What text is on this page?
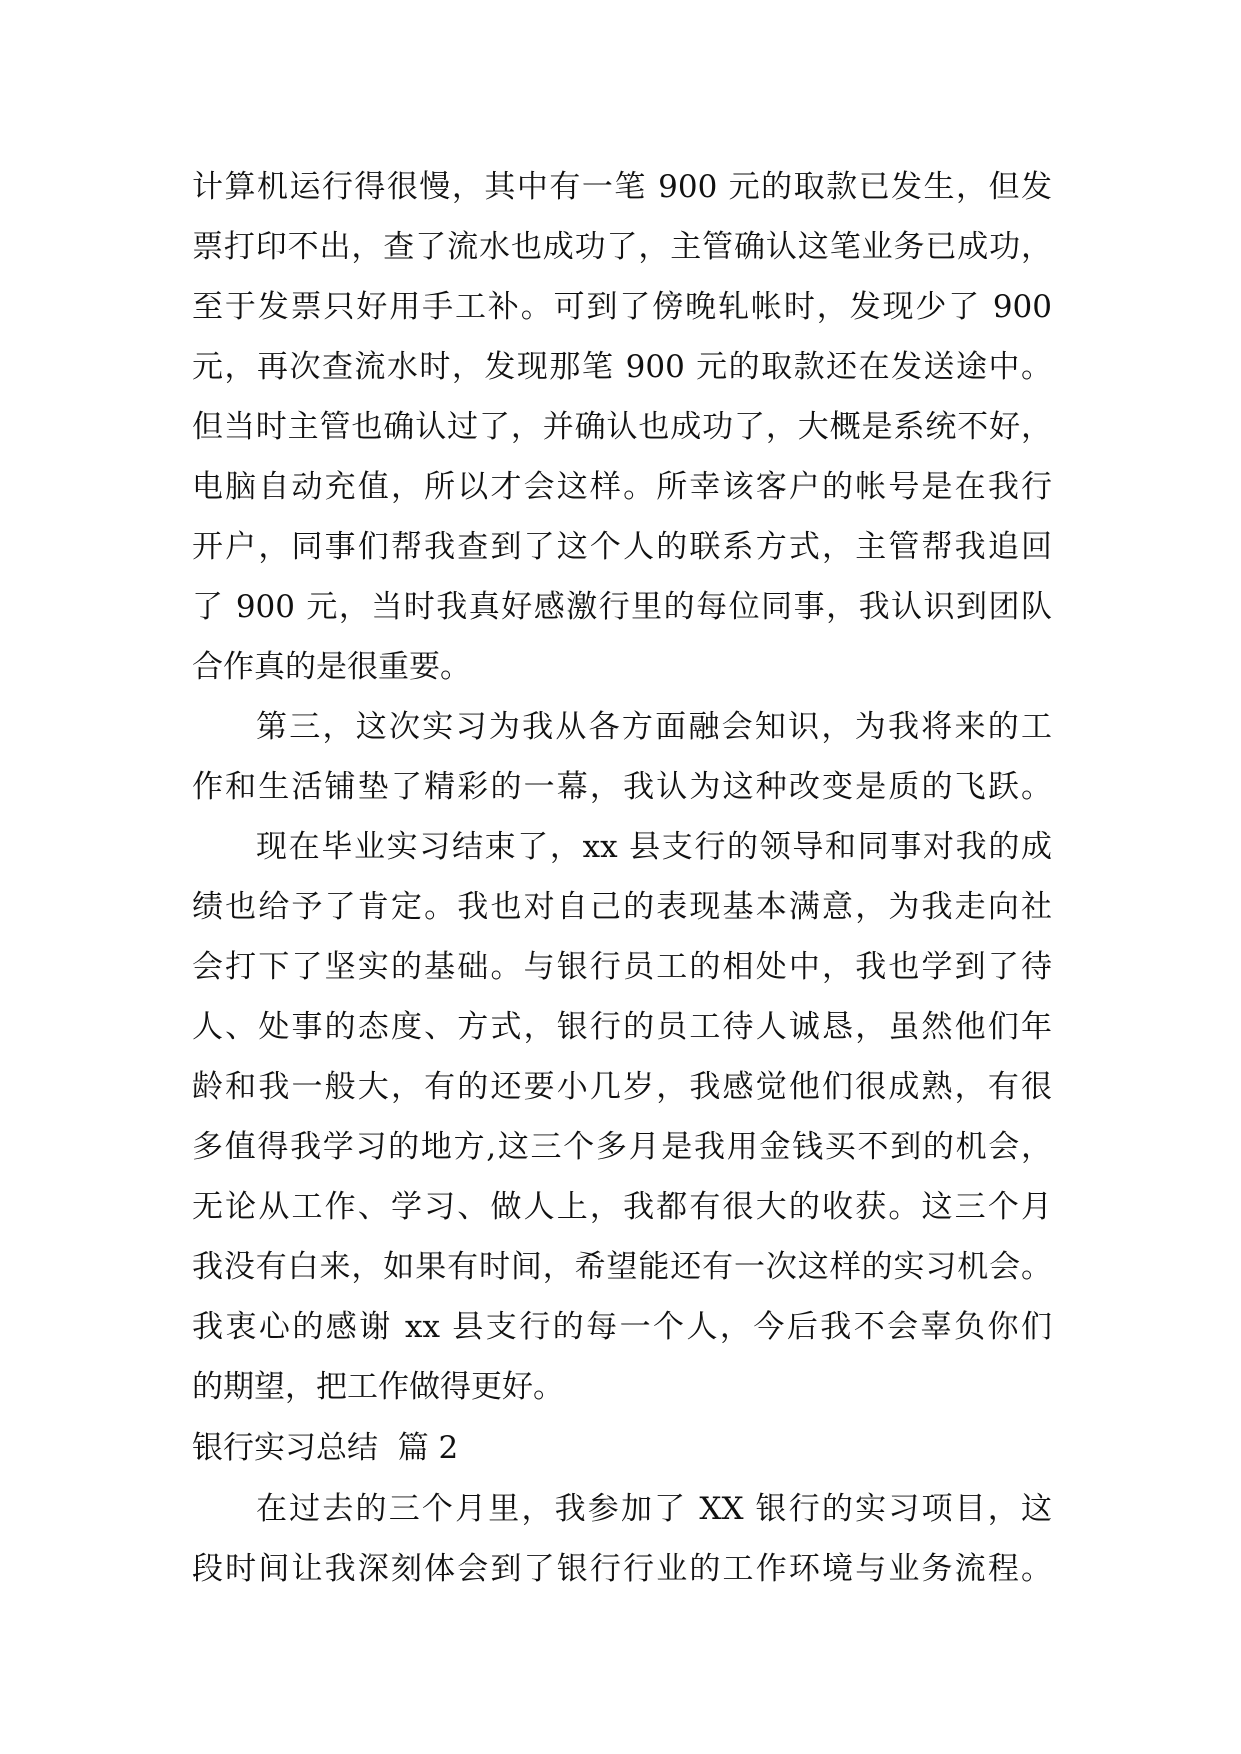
计算机运行得很慢，其中有一笔 900 元的取款已发生，但发
票打印不出，查了流水也成功了，主管确认这笔业务已成功，
至于发票只好用手工补。可到了傍晚轧帐时，发现少了 900
元，再次查流水时，发现那笔 900 元的取款还在发送途中。
但当时主管也确认过了，并确认也成功了，大概是系统不好，
电脑自动充值，所以才会这样。所幸该客户的帐号是在我行
开户，同事们帮我查到了这个人的联系方式，主管帮我追回
了 900 元，当时我真好感激行里的每位同事，我认识到团队
合作真的是很重要。
第三，这次实习为我从各方面融会知识，为我将来的工
作和生活铺垫了精彩的一幕，我认为这种改变是质的飞跃。
现在毕业实习结束了，xx 县支行的领导和同事对我的成
绩也给予了肯定。我也对自己的表现基本满意，为我走向社
会打下了坚实的基础。与银行员工的相处中，我也学到了待
人、处事的态度、方式，银行的员工待人诚恳，虽然他们年
龄和我一般大，有的还要小几岁，我感觉他们很成熟，有很
多值得我学习的地方,这三个多月是我用金钱买不到的机会，
无论从工作、学习、做人上，我都有很大的收获。这三个月
我没有白来，如果有时间，希望能还有一次这样的实习机会。
我衷心的感谢 xx 县支行的每一个人，今后我不会辜负你们
的期望，把工作做得更好。
银行实习总结  篇 2
在过去的三个月里，我参加了 XX 银行的实习项目，这
段时间让我深刻体会到了银行行业的工作环境与业务流程。
